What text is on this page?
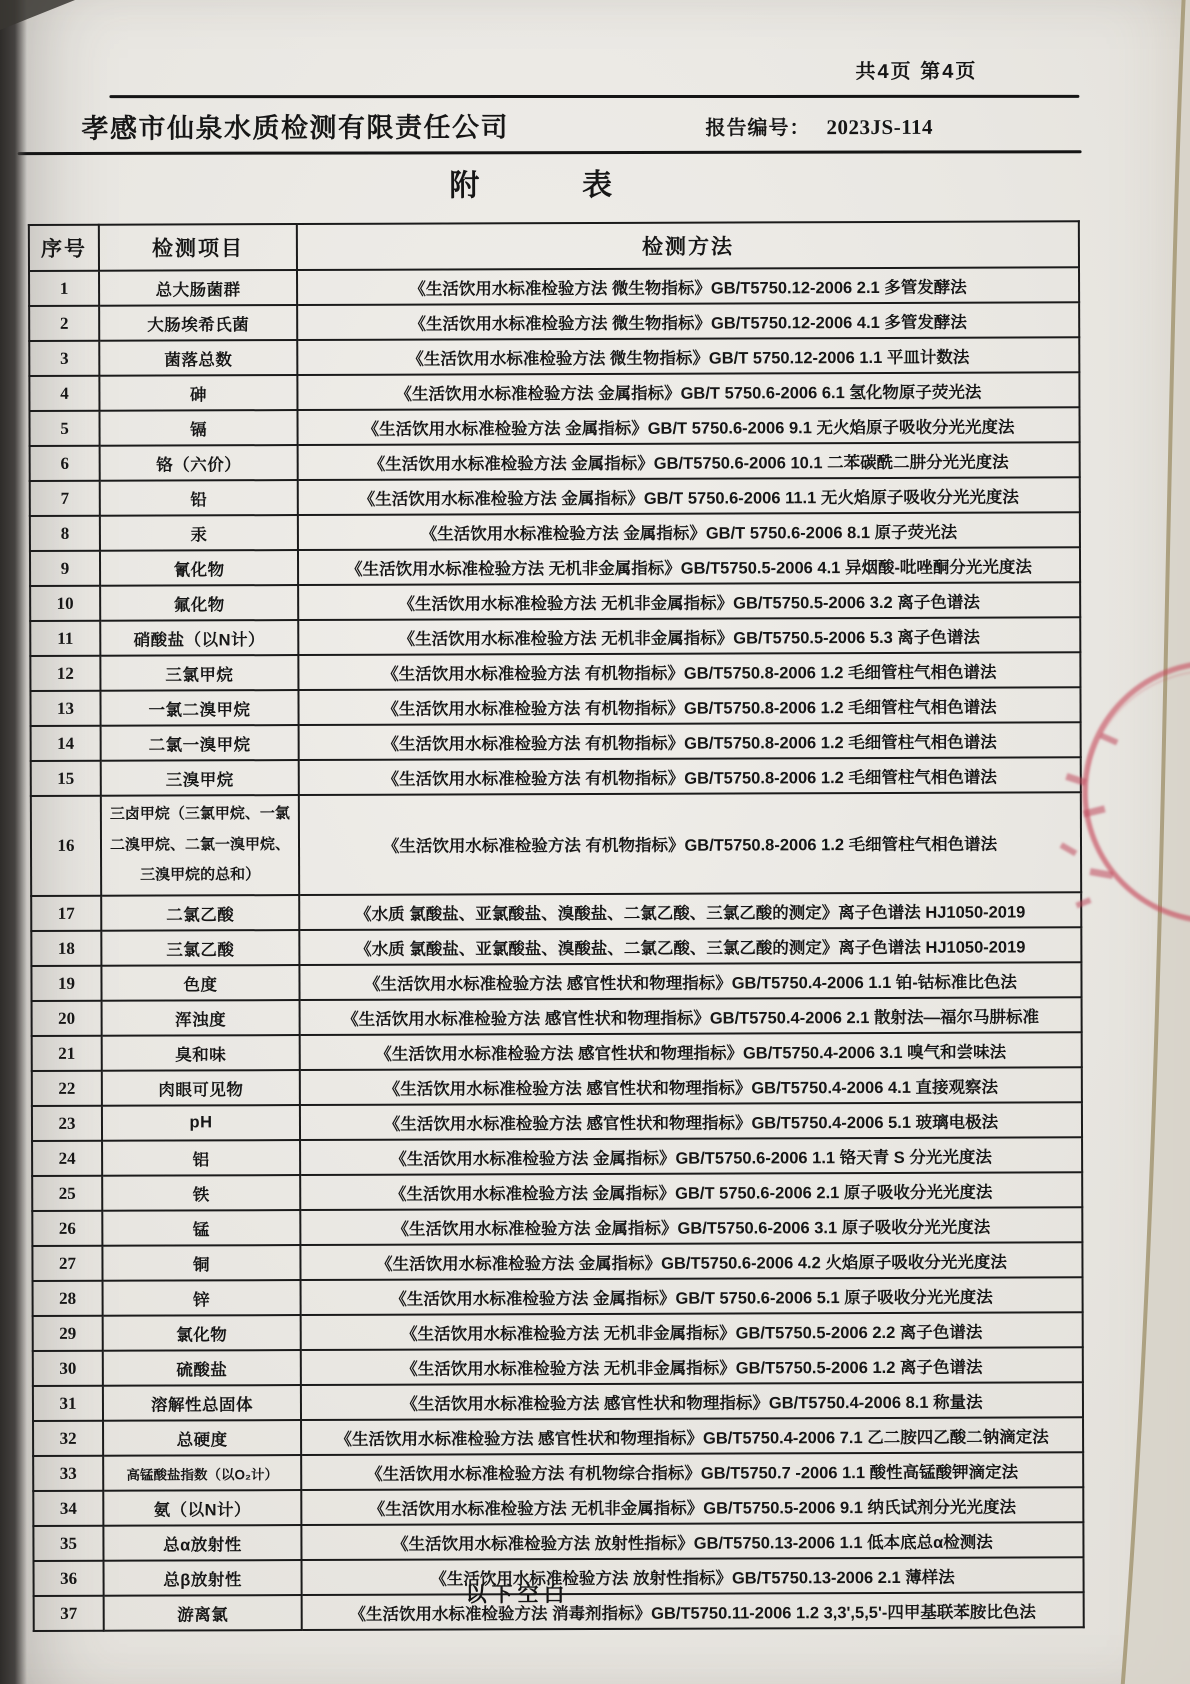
共4页 第4页
孝感市仙泉水质检测有限责任公司	报告编号： 2023JS-114
附        表
序号	检测项目	检测方法
1	总大肠菌群	《生活饮用水标准检验方法 微生物指标》GB/T5750.12-2006 2.1 多管发酵法
2	大肠埃希氏菌	《生活饮用水标准检验方法 微生物指标》GB/T5750.12-2006 4.1 多管发酵法
3	菌落总数	《生活饮用水标准检验方法 微生物指标》GB/T 5750.12-2006 1.1 平皿计数法
4	砷	《生活饮用水标准检验方法 金属指标》GB/T 5750.6-2006 6.1 氢化物原子荧光法
5	镉	《生活饮用水标准检验方法 金属指标》GB/T 5750.6-2006 9.1 无火焰原子吸收分光光度法
6	铬（六价）	《生活饮用水标准检验方法 金属指标》GB/T5750.6-2006 10.1 二苯碳酰二肼分光光度法
7	铅	《生活饮用水标准检验方法 金属指标》GB/T 5750.6-2006 11.1 无火焰原子吸收分光光度法
8	汞	《生活饮用水标准检验方法 金属指标》GB/T 5750.6-2006 8.1 原子荧光法
9	氰化物	《生活饮用水标准检验方法 无机非金属指标》GB/T5750.5-2006 4.1 异烟酸-吡唑酮分光光度法
10	氟化物	《生活饮用水标准检验方法 无机非金属指标》GB/T5750.5-2006 3.2 离子色谱法
11	硝酸盐（以N计）	《生活饮用水标准检验方法 无机非金属指标》GB/T5750.5-2006 5.3 离子色谱法
12	三氯甲烷	《生活饮用水标准检验方法 有机物指标》GB/T5750.8-2006 1.2 毛细管柱气相色谱法
13	一氯二溴甲烷	《生活饮用水标准检验方法 有机物指标》GB/T5750.8-2006 1.2 毛细管柱气相色谱法
14	二氯一溴甲烷	《生活饮用水标准检验方法 有机物指标》GB/T5750.8-2006 1.2 毛细管柱气相色谱法
15	三溴甲烷	《生活饮用水标准检验方法 有机物指标》GB/T5750.8-2006 1.2 毛细管柱气相色谱法
16	三卤甲烷（三氯甲烷、一氯二溴甲烷、二氯一溴甲烷、三溴甲烷的总和）	《生活饮用水标准检验方法 有机物指标》GB/T5750.8-2006 1.2 毛细管柱气相色谱法
17	二氯乙酸	《水质 氯酸盐、亚氯酸盐、溴酸盐、二氯乙酸、三氯乙酸的测定》离子色谱法 HJ1050-2019
18	三氯乙酸	《水质 氯酸盐、亚氯酸盐、溴酸盐、二氯乙酸、三氯乙酸的测定》离子色谱法 HJ1050-2019
19	色度	《生活饮用水标准检验方法 感官性状和物理指标》GB/T5750.4-2006 1.1 铂-钴标准比色法
20	浑浊度	《生活饮用水标准检验方法 感官性状和物理指标》GB/T5750.4-2006 2.1 散射法—福尔马肼标准
21	臭和味	《生活饮用水标准检验方法 感官性状和物理指标》GB/T5750.4-2006 3.1 嗅气和尝味法
22	肉眼可见物	《生活饮用水标准检验方法 感官性状和物理指标》GB/T5750.4-2006 4.1 直接观察法
23	pH	《生活饮用水标准检验方法 感官性状和物理指标》GB/T5750.4-2006 5.1 玻璃电极法
24	铝	《生活饮用水标准检验方法 金属指标》GB/T5750.6-2006 1.1 铬天青 S 分光光度法
25	铁	《生活饮用水标准检验方法 金属指标》GB/T 5750.6-2006 2.1 原子吸收分光光度法
26	锰	《生活饮用水标准检验方法 金属指标》GB/T5750.6-2006 3.1 原子吸收分光光度法
27	铜	《生活饮用水标准检验方法 金属指标》GB/T5750.6-2006 4.2 火焰原子吸收分光光度法
28	锌	《生活饮用水标准检验方法 金属指标》GB/T 5750.6-2006 5.1 原子吸收分光光度法
29	氯化物	《生活饮用水标准检验方法 无机非金属指标》GB/T5750.5-2006 2.2 离子色谱法
30	硫酸盐	《生活饮用水标准检验方法 无机非金属指标》GB/T5750.5-2006 1.2 离子色谱法
31	溶解性总固体	《生活饮用水标准检验方法 感官性状和物理指标》GB/T5750.4-2006 8.1 称量法
32	总硬度	《生活饮用水标准检验方法 感官性状和物理指标》GB/T5750.4-2006 7.1 乙二胺四乙酸二钠滴定法
33	高锰酸盐指数（以O₂计）	《生活饮用水标准检验方法 有机物综合指标》GB/T5750.7 -2006 1.1 酸性高锰酸钾滴定法
34	氨（以N计）	《生活饮用水标准检验方法 无机非金属指标》GB/T5750.5-2006 9.1 纳氏试剂分光光度法
35	总α放射性	《生活饮用水标准检验方法 放射性指标》GB/T5750.13-2006 1.1 低本底总α检测法
36	总β放射性	《生活饮用水标准检验方法 放射性指标》GB/T5750.13-2006 2.1 薄样法
37	游离氯	《生活饮用水标准检验方法 消毒剂指标》GB/T5750.11-2006 1.2 3,3',5,5'-四甲基联苯胺比色法
以下空白
